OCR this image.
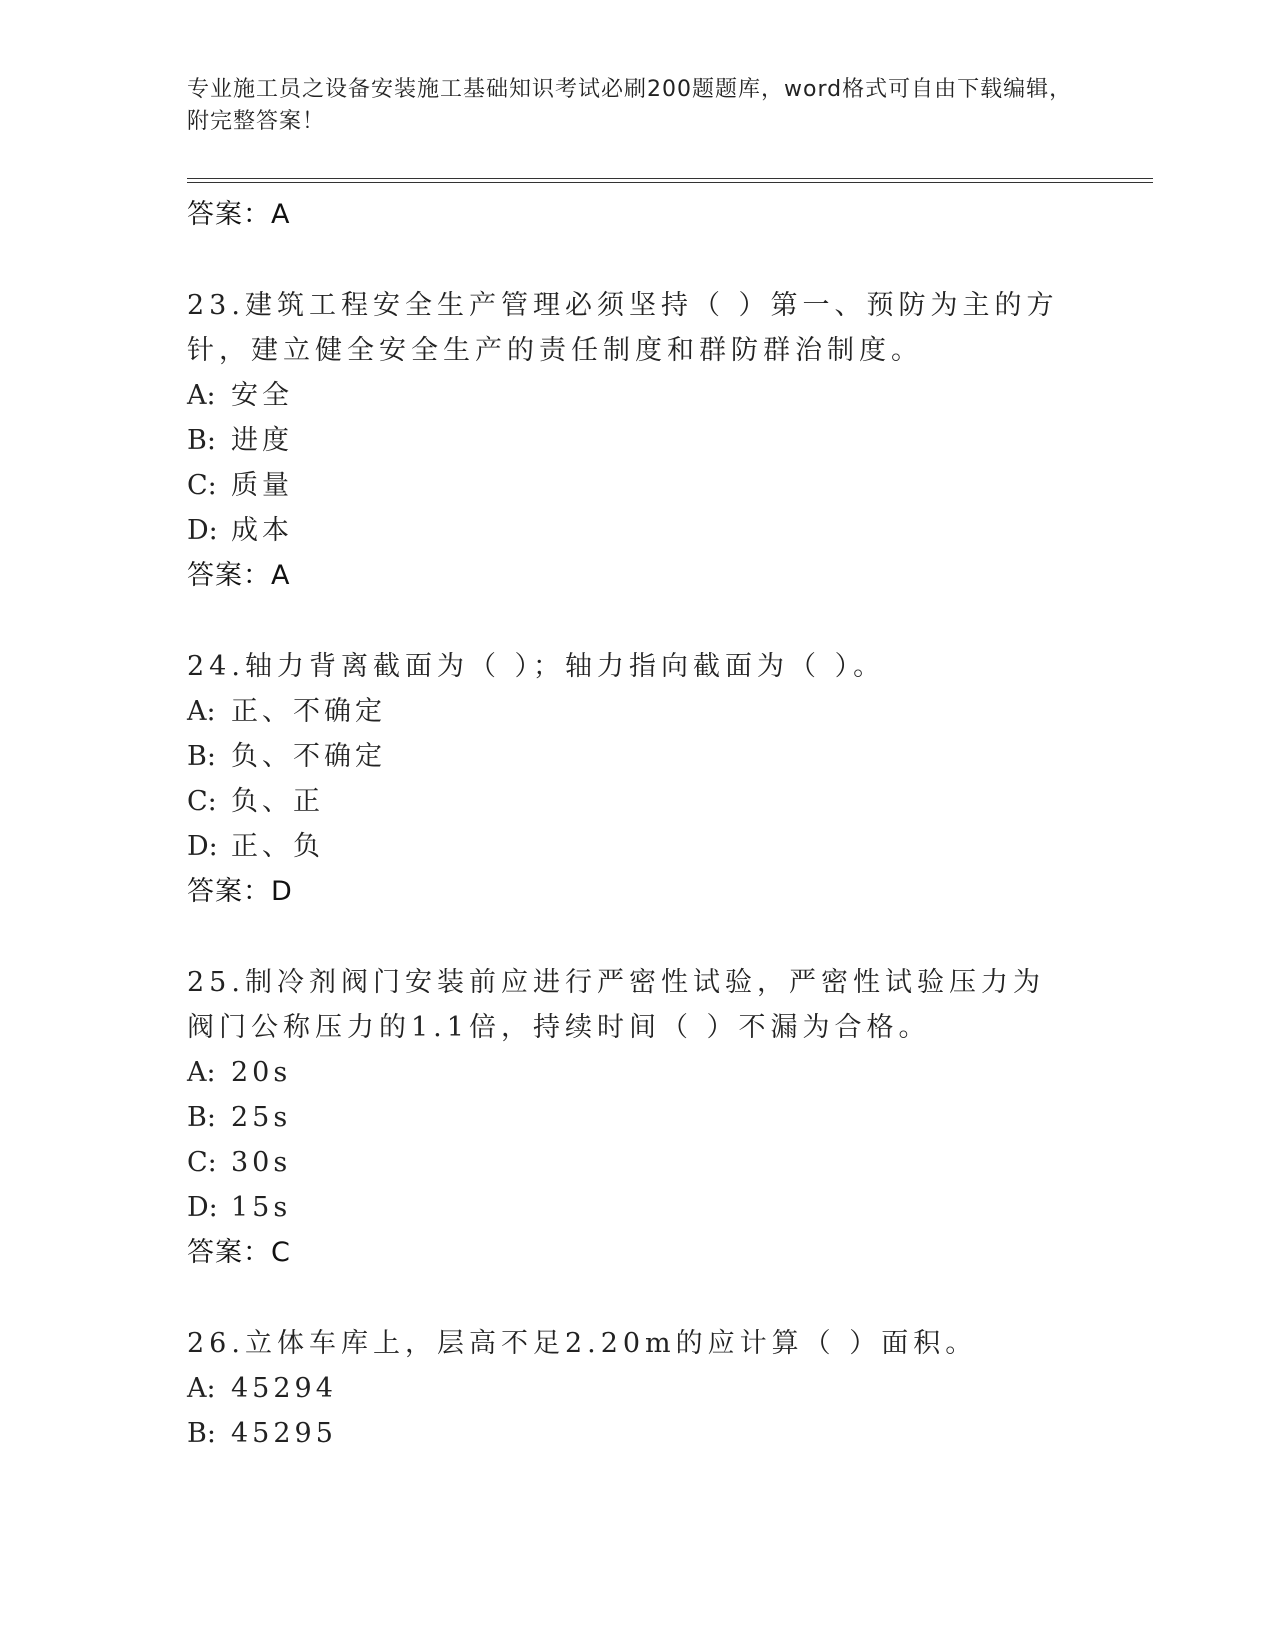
专业施工员之设备安装施工基础知识考试必刷200题题库，word格式可自由下载编辑，附完整答案！
答案：A
23.建筑工程安全生产管理必须坚持（ ）第一、预防为主的方针，建立健全安全生产的责任制度和群防群治制度。
A: 安全
B: 进度
C: 质量
D: 成本
答案：A
24.轴力背离截面为（ ）；轴力指向截面为（ ）。
A: 正、不确定
B: 负、不确定
C: 负、正
D: 正、负
答案：D
25.制冷剂阀门安装前应进行严密性试验，严密性试验压力为阀门公称压力的1.1倍，持续时间（ ）不漏为合格。
A: 20s
B: 25s
C: 30s
D: 15s
答案：C
26.立体车库上，层高不足2.20m的应计算（ ）面积。
A: 45294
B: 45295
